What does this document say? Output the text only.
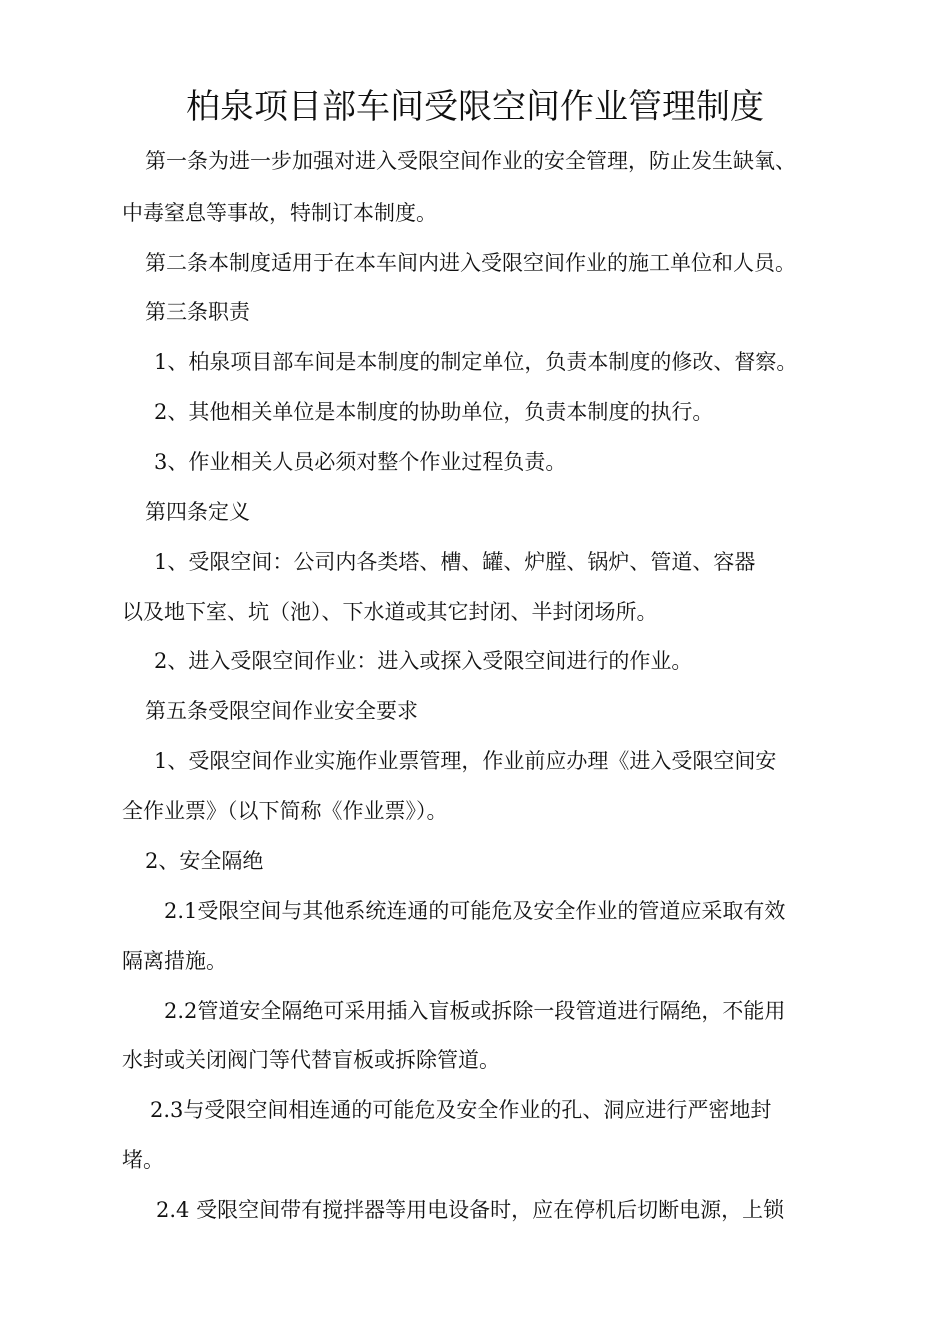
柏泉项目部车间受限空间作业管理制度

第一条为进一步加强对进入受限空间作业的安全管理，防止发生缺氧、

中毒窒息等事故，特制订本制度。

第二条本制度适用于在本车间内进入受限空间作业的施工单位和人员。

第三条职责

1、柏泉项目部车间是本制度的制定单位，负责本制度的修改、督察。

2、其他相关单位是本制度的协助单位，负责本制度的执行。

3、作业相关人员必须对整个作业过程负责。

第四条定义

1、受限空间：公司内各类塔、槽、罐、炉膛、锅炉、管道、容器

以及地下室、坑（池）、下水道或其它封闭、半封闭场所。

2、进入受限空间作业：进入或探入受限空间进行的作业。

第五条受限空间作业安全要求

1、受限空间作业实施作业票管理，作业前应办理《进入受限空间安

全作业票》（以下简称《作业票》）。

2、安全隔绝

2.1受限空间与其他系统连通的可能危及安全作业的管道应采取有效

隔离措施。

2.2管道安全隔绝可采用插入盲板或拆除一段管道进行隔绝，不能用

水封或关闭阀门等代替盲板或拆除管道。

2.3与受限空间相连通的可能危及安全作业的孔、洞应进行严密地封

堵。

2.4 受限空间带有搅拌器等用电设备时，应在停机后切断电源，上锁
